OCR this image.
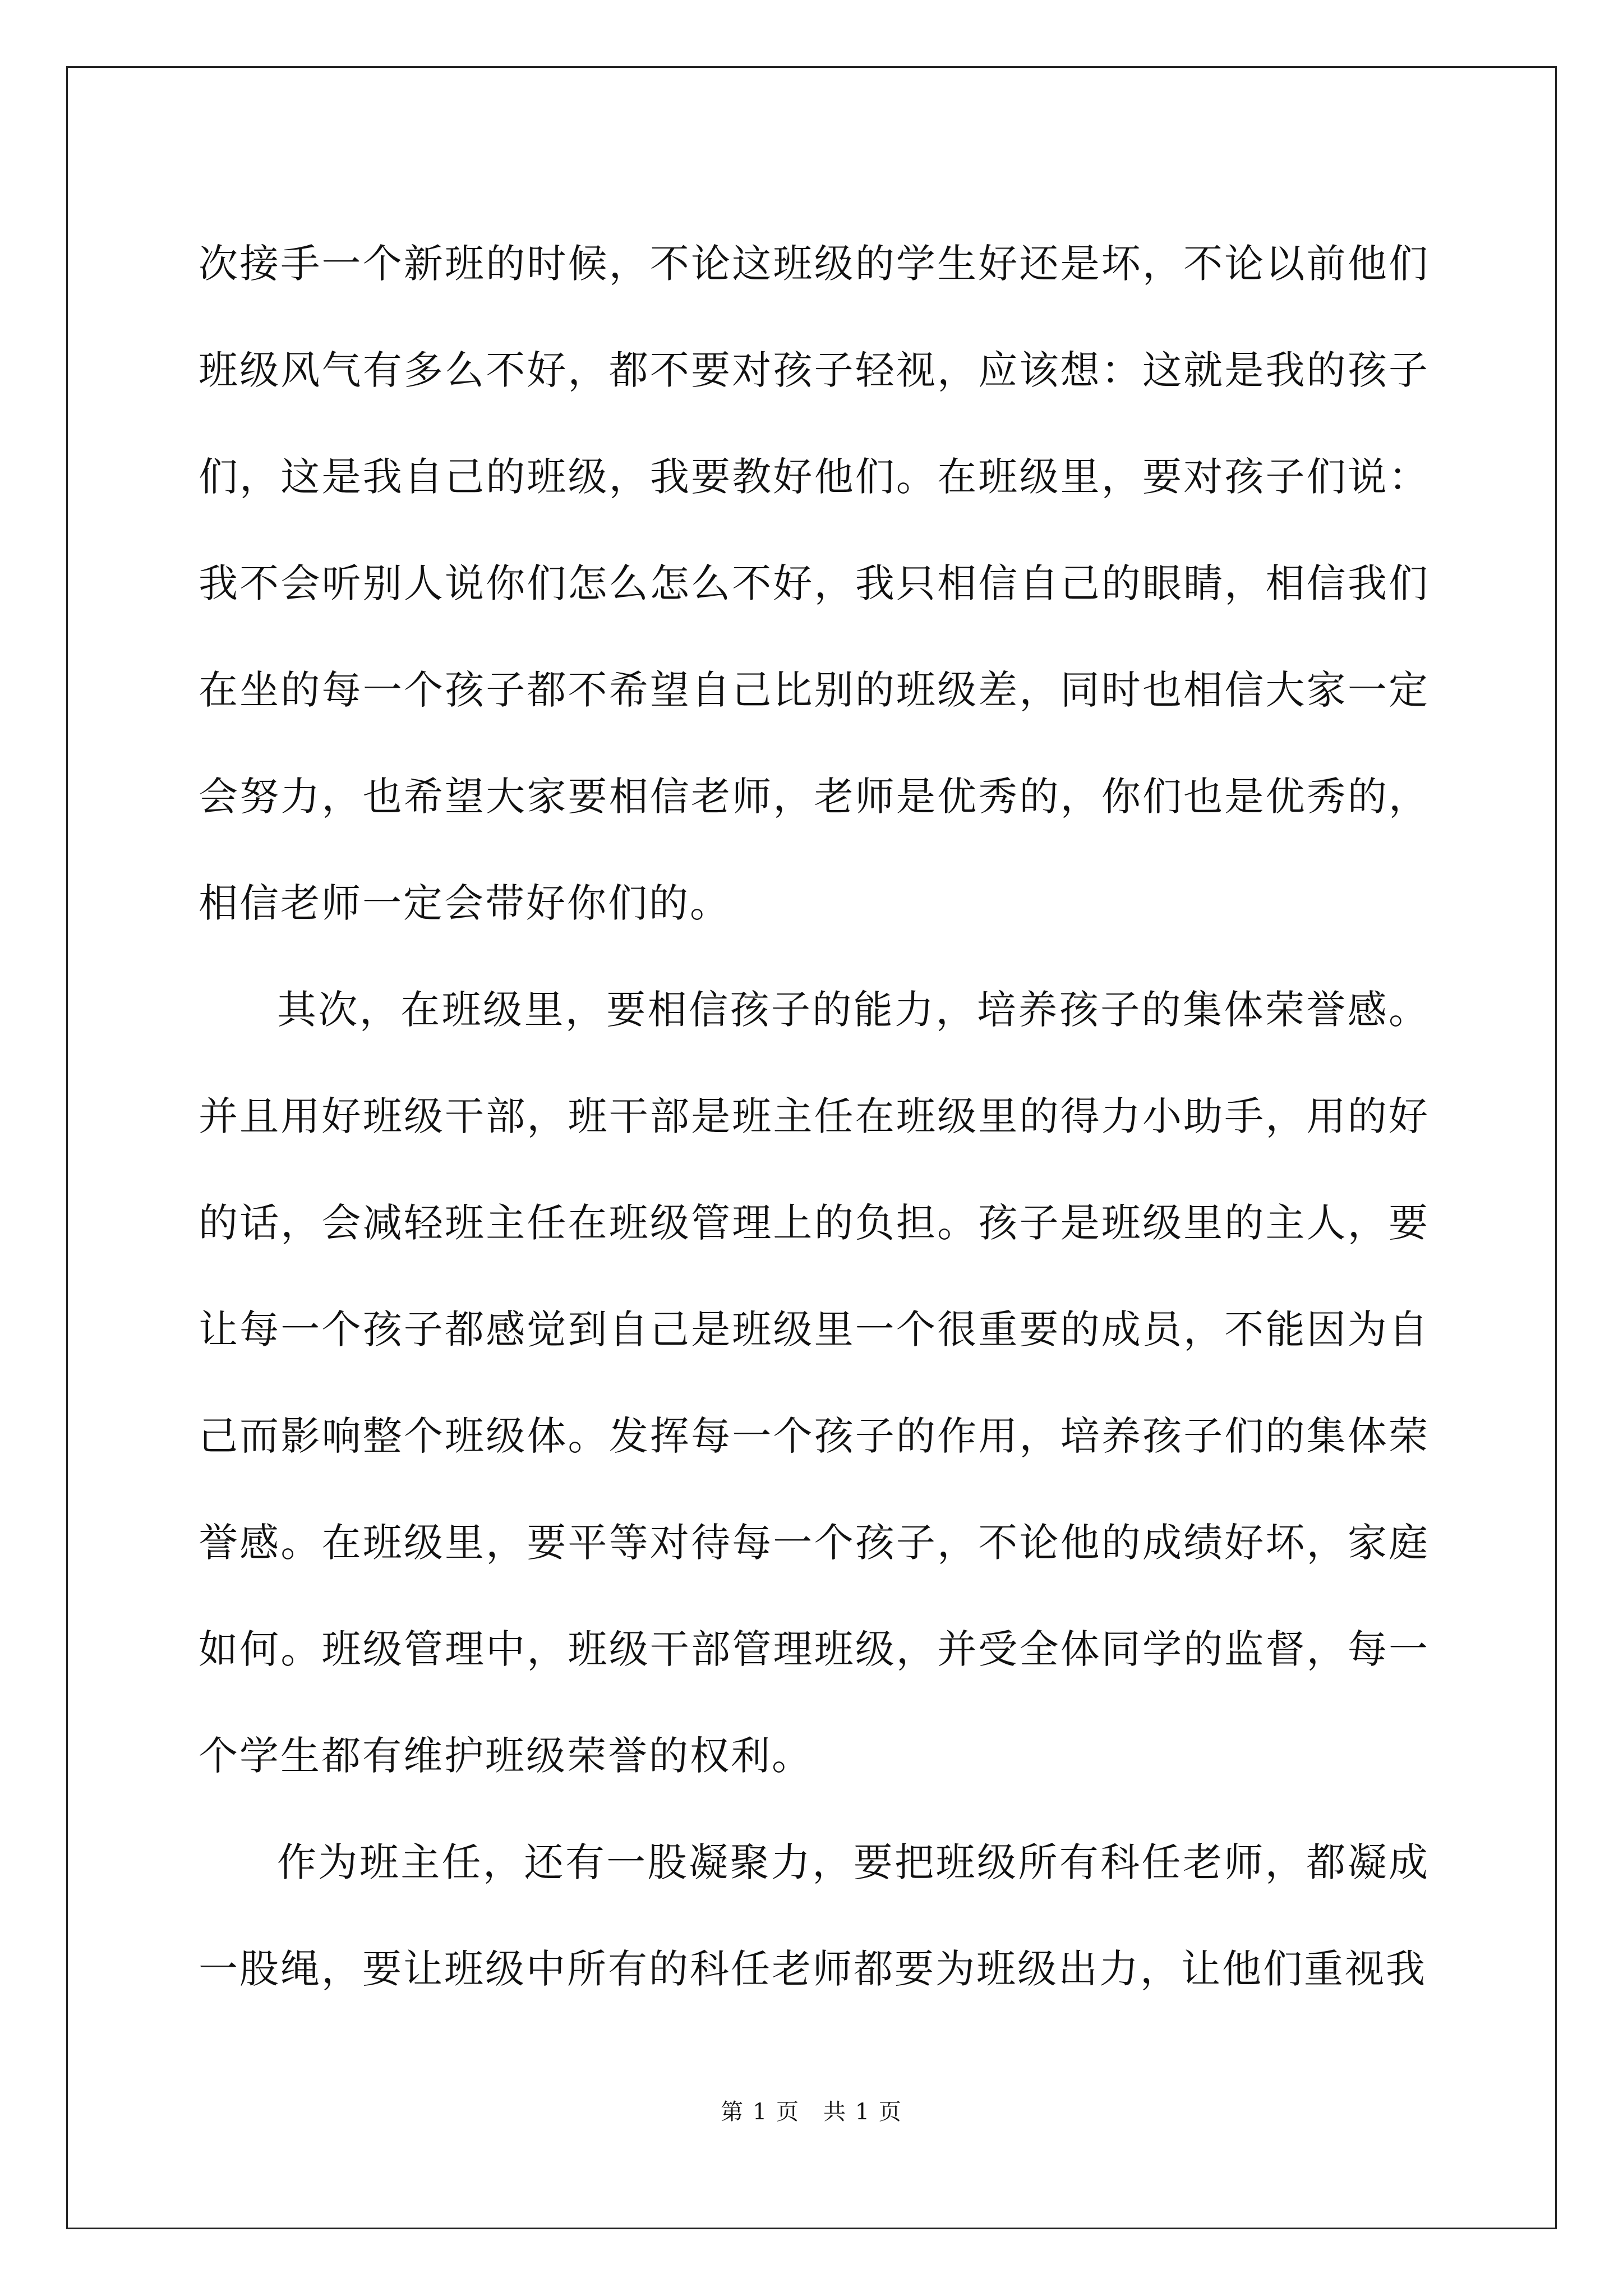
次接手一个新班的时候，不论这班级的学生好还是坏，不论以前他们班级风气有多么不好，都不要对孩子轻视，应该想：这就是我的孩子们，这是我自己的班级，我要教好他们。在班级里，要对孩子们说：我不会听别人说你们怎么怎么不好，我只相信自己的眼睛，相信我们在坐的每一个孩子都不希望自己比别的班级差，同时也相信大家一定会努力，也希望大家要相信老师，老师是优秀的，你们也是优秀的，相信老师一定会带好你们的。

其次，在班级里，要相信孩子的能力，培养孩子的集体荣誉感。并且用好班级干部，班干部是班主任在班级里的得力小助手，用的好的话，会减轻班主任在班级管理上的负担。孩子是班级里的主人，要让每一个孩子都感觉到自己是班级里一个很重要的成员，不能因为自己而影响整个班级体。发挥每一个孩子的作用，培养孩子们的集体荣誉感。在班级里，要平等对待每一个孩子，不论他的成绩好坏，家庭如何。班级管理中，班级干部管理班级，并受全体同学的监督，每一个学生都有维护班级荣誉的权利。

作为班主任，还有一股凝聚力，要把班级所有科任老师，都凝成一股绳，要让班级中所有的科任老师都要为班级出力，让他们重视我

第 1 页　共 1 页
